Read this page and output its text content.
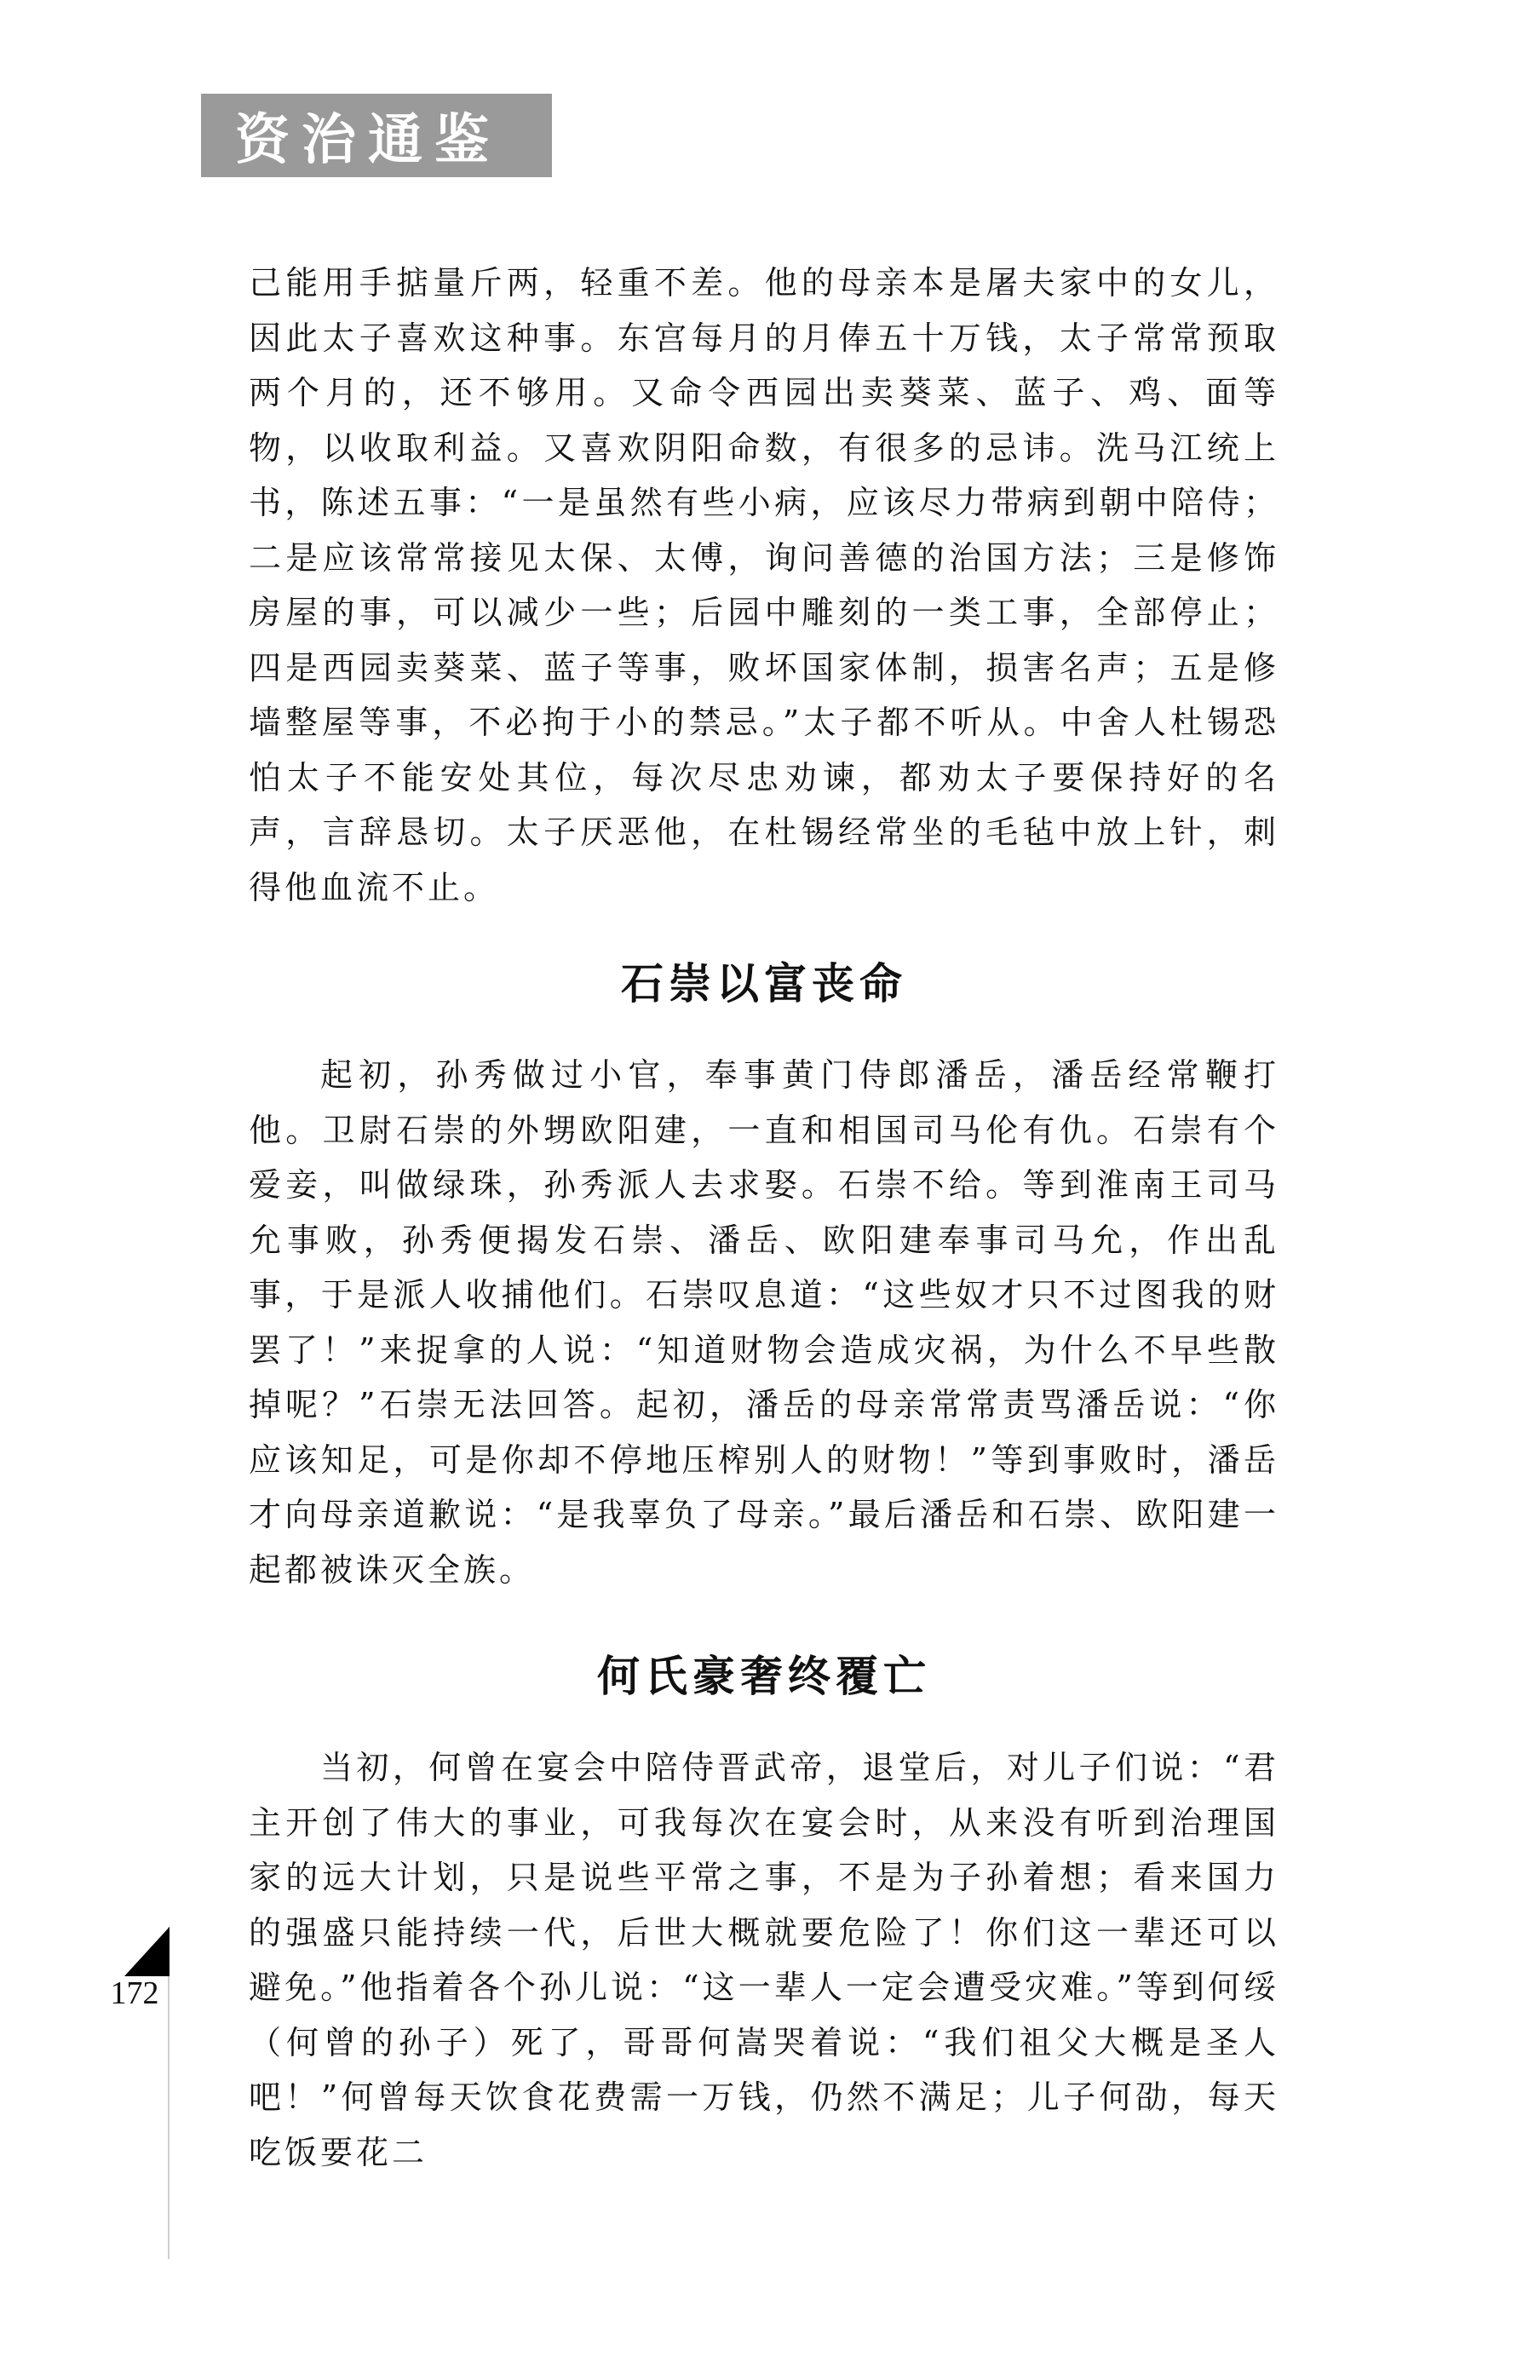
资治通鉴

己能用手掂量斤两，轻重不差。他的母亲本是屠夫家中的女儿，因此太子喜欢这种事。东宫每月的月俸五十万钱，太子常常预取两个月的，还不够用。又命令西园出卖葵菜、蓝子、鸡、面等物，以收取利益。又喜欢阴阳命数，有很多的忌讳。洗马江统上书，陈述五事：“一是虽然有些小病，应该尽力带病到朝中陪侍；二是应该常常接见太保、太傅，询问善德的治国方法；三是修饰房屋的事，可以减少一些；后园中雕刻的一类工事，全部停止；四是西园卖葵菜、蓝子等事，败坏国家体制，损害名声；五是修墙整屋等事，不必拘于小的禁忌。”太子都不听从。中舍人杜锡恐怕太子不能安处其位，每次尽忠劝谏，都劝太子要保持好的名声，言辞恳切。太子厌恶他，在杜锡经常坐的毛毡中放上针，刺得他血流不止。

石崇以富丧命

起初，孙秀做过小官，奉事黄门侍郎潘岳，潘岳经常鞭打他。卫尉石崇的外甥欧阳建，一直和相国司马伦有仇。石崇有个爱妾，叫做绿珠，孙秀派人去求娶。石崇不给。等到淮南王司马允事败，孙秀便揭发石崇、潘岳、欧阳建奉事司马允，作出乱事，于是派人收捕他们。石崇叹息道：“这些奴才只不过图我的财罢了！”来捉拿的人说：“知道财物会造成灾祸，为什么不早些散掉呢？”石崇无法回答。起初，潘岳的母亲常常责骂潘岳说：“你应该知足，可是你却不停地压榨别人的财物！”等到事败时，潘岳才向母亲道歉说：“是我辜负了母亲。”最后潘岳和石崇、欧阳建一起都被诛灭全族。

何氏豪奢终覆亡

当初，何曾在宴会中陪侍晋武帝，退堂后，对儿子们说：“君主开创了伟大的事业，可我每次在宴会时，从来没有听到治理国家的远大计划，只是说些平常之事，不是为子孙着想；看来国力的强盛只能持续一代，后世大概就要危险了！你们这一辈还可以避免。”他指着各个孙儿说：“这一辈人一定会遭受灾难。”等到何绥（何曾的孙子）死了，哥哥何嵩哭着说：“我们祖父大概是圣人吧！”何曾每天饮食花费需一万钱，仍然不满足；儿子何劭，每天吃饭要花二

172
